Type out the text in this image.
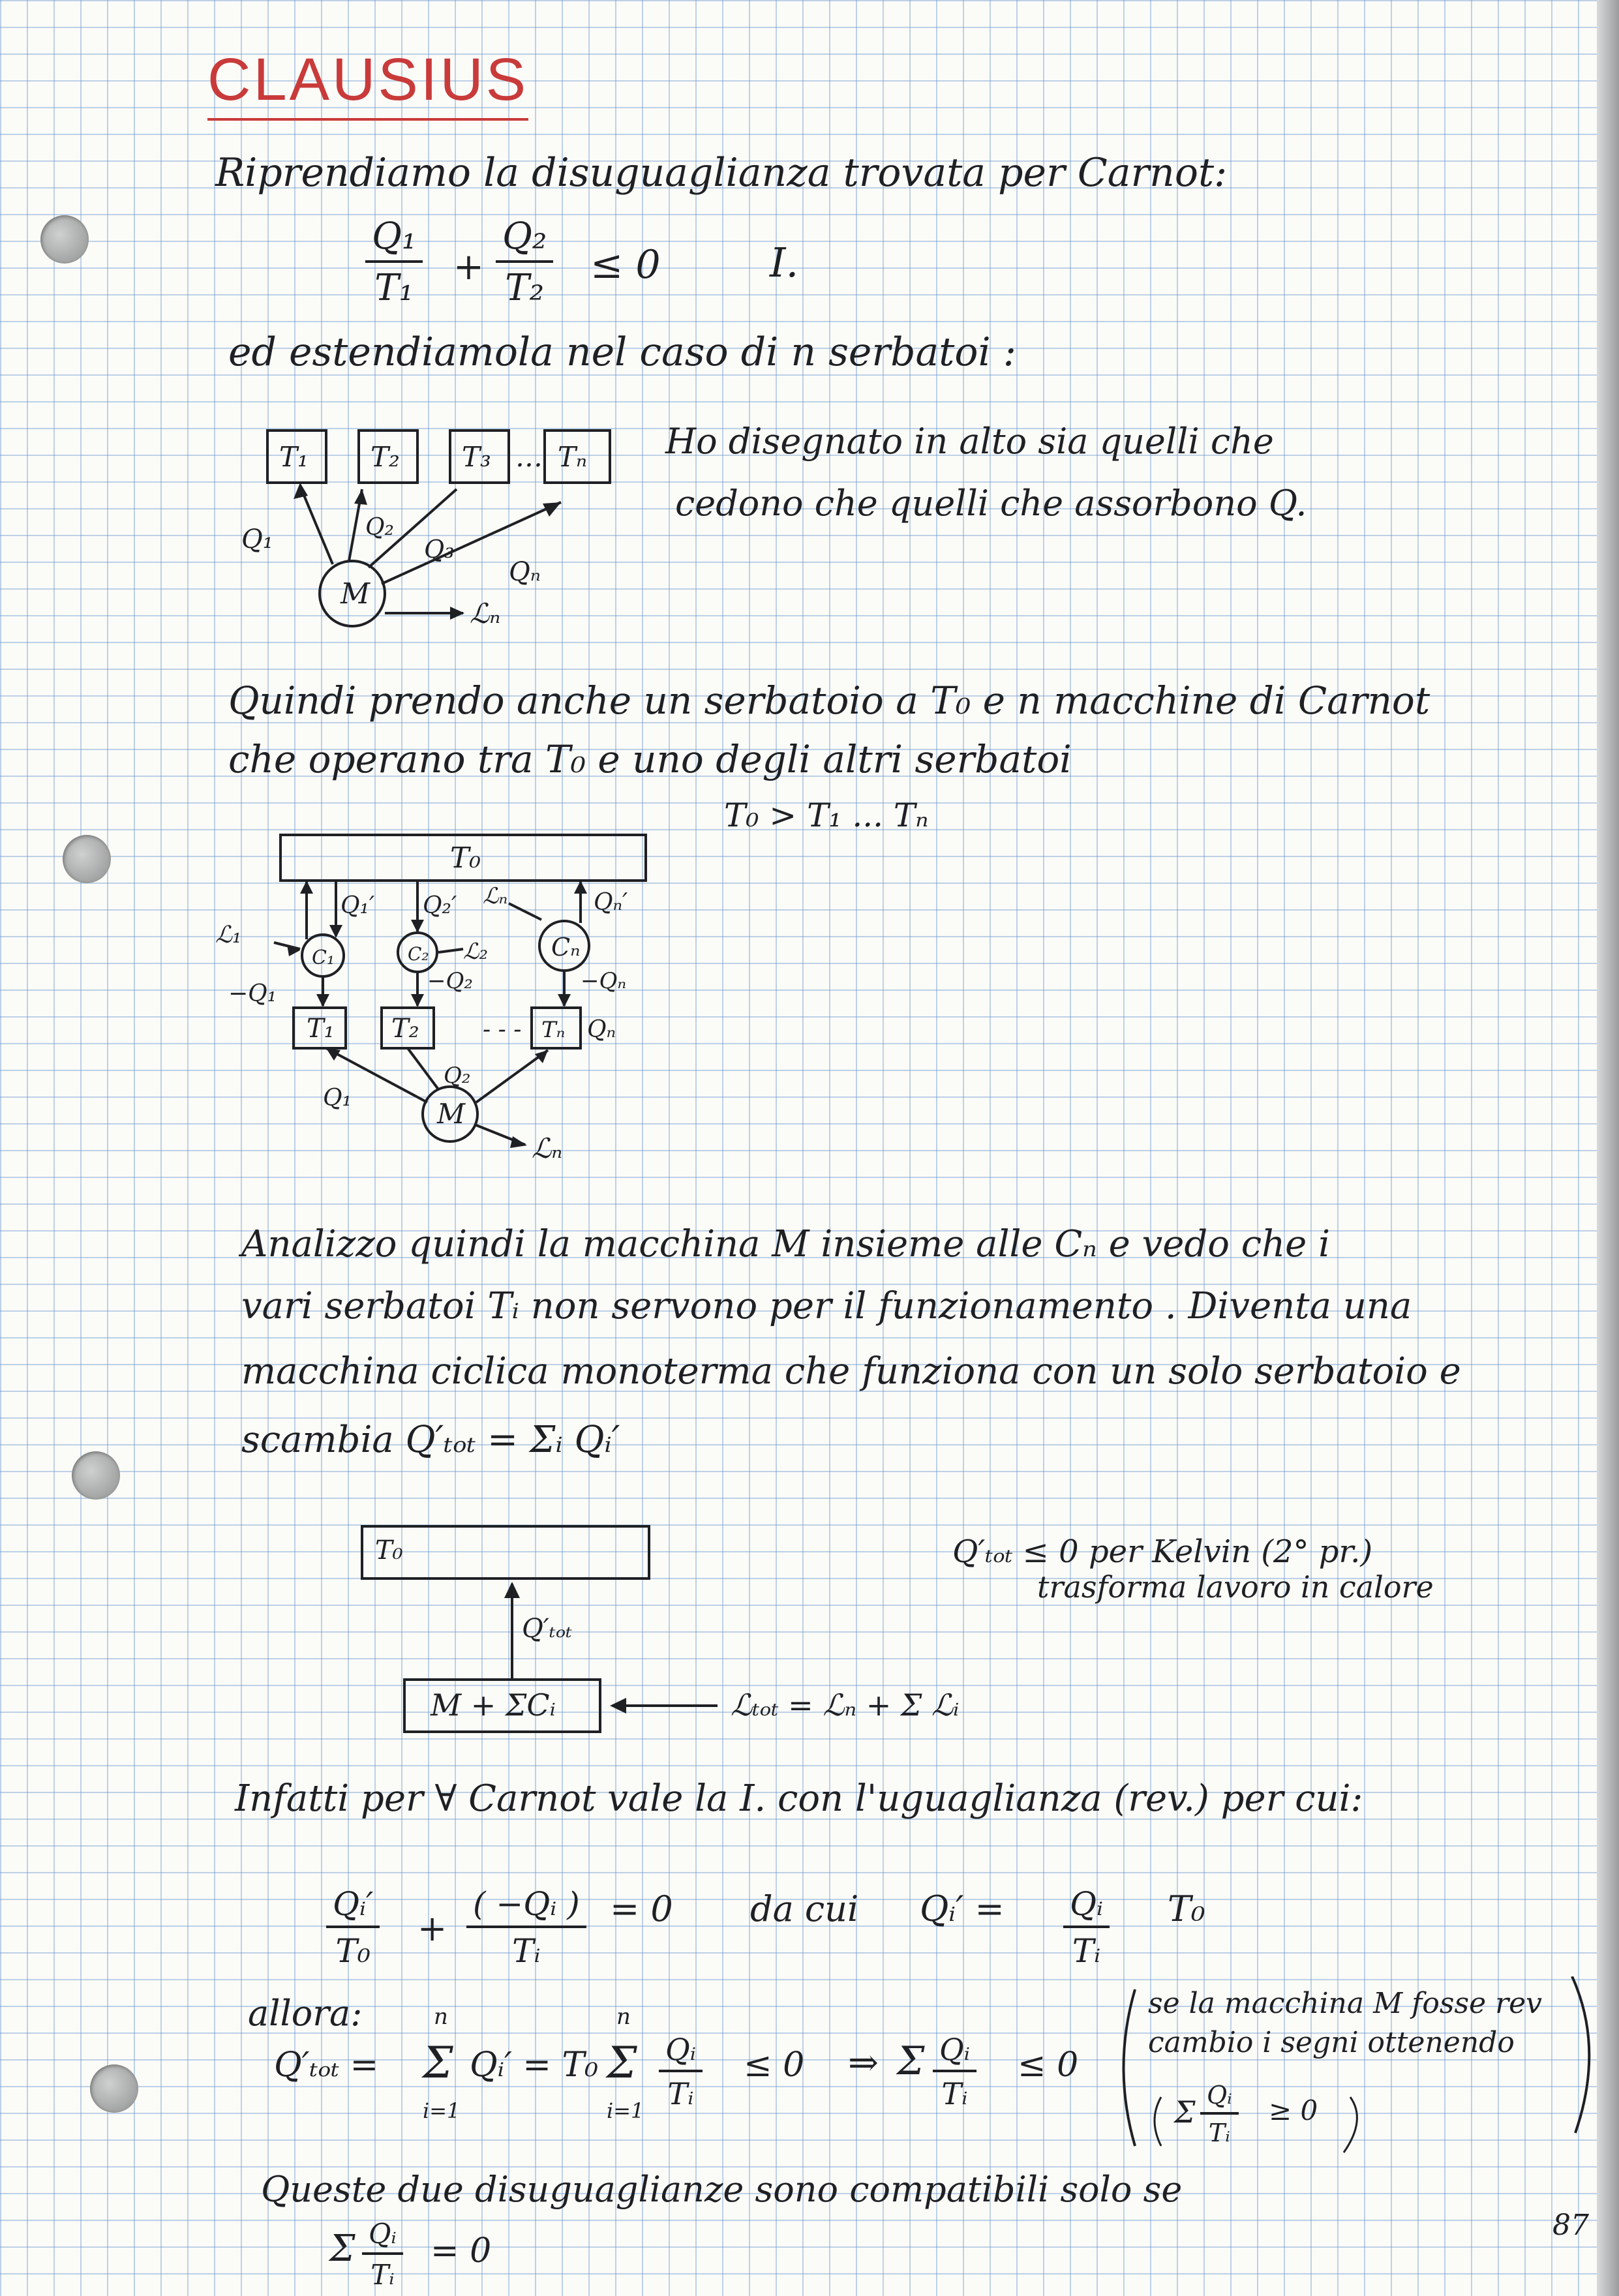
CLAUSIUS
Riprendiamo la disuguaglianza trovata per Carnot:
$\frac{\text{Q₁}}{\text{T₁}} + \frac{\text{Q₂}}{\text{T₂}} \le 0$	I.
ed estendiamola nel caso di n serbatoi :
T₁ T₂ T₃ … Tₙ
M
Q₁	Q₂
Q₃
Qₙ
ℒₙ
Ho disegnato in alto sia quelli che
cedono che quelli che assorbono Q.
Quindi prendo anche un serbatoio a T₀ e n macchine di Carnot
che operano tra T₀ e uno degli altri serbatoi
T₀ > T₁ ... Tₙ
T₀
C₁	C₂	Cₙ
Q₁′ Q₂′	Qₙ′
ℒ₁
ℒ₂
ℒₙ
−Q₁	−Q₂	−Qₙ
T₁ T₂	Tₙ
- - -	Qₙ
Q₁
Q₂
M
ℒₙ
Analizzo quindi la macchina M insieme alle Cₙ e vedo che i
vari serbatoi Tᵢ non servono per il funzionamento . Diventa una
macchina ciclica monoterma che funziona con un solo serbatoio e
scambia Q′ₜₒₜ = Σᵢ Qᵢ′
T₀
Q′ₜₒₜ
M + ΣCᵢ	ℒₜₒₜ = ℒₙ + Σ ℒᵢ
Q′ₜₒₜ ≤ 0 per Kelvin (2° pr.)
trasforma lavoro in calore
Infatti per ∀ Carnot vale la I. con l'uguaglianza (rev.) per cui:
$\frac{\text{Qᵢ′}}{\text{T₀}} + \frac{\text{( −Qᵢ )}}{\text{Tᵢ}} = 0$ da cui Qᵢ′ = $\frac{\text{Qᵢ}}{\text{Tᵢ}} T_0$
allora:
Q′ₜₒₜ =
n
Σ
i=1
Qᵢ′ = T₀
n
Σ
$i=1 \frac{\text{Qᵢ}}{\text{Tᵢ}} \le 0$ ⇒ Σ $\frac{\text{Qᵢ}}{\text{Tᵢ}} \le 0$
se la macchina M fosse rev
cambio i segni ottenendo
Σ $\frac{\text{Qᵢ}}{\text{Tᵢ}} \ge 0$
Queste due disuguaglianze sono compatibili solo se
Σ $\frac{\text{Qᵢ}}{\text{Tᵢ}} = 0$
87
